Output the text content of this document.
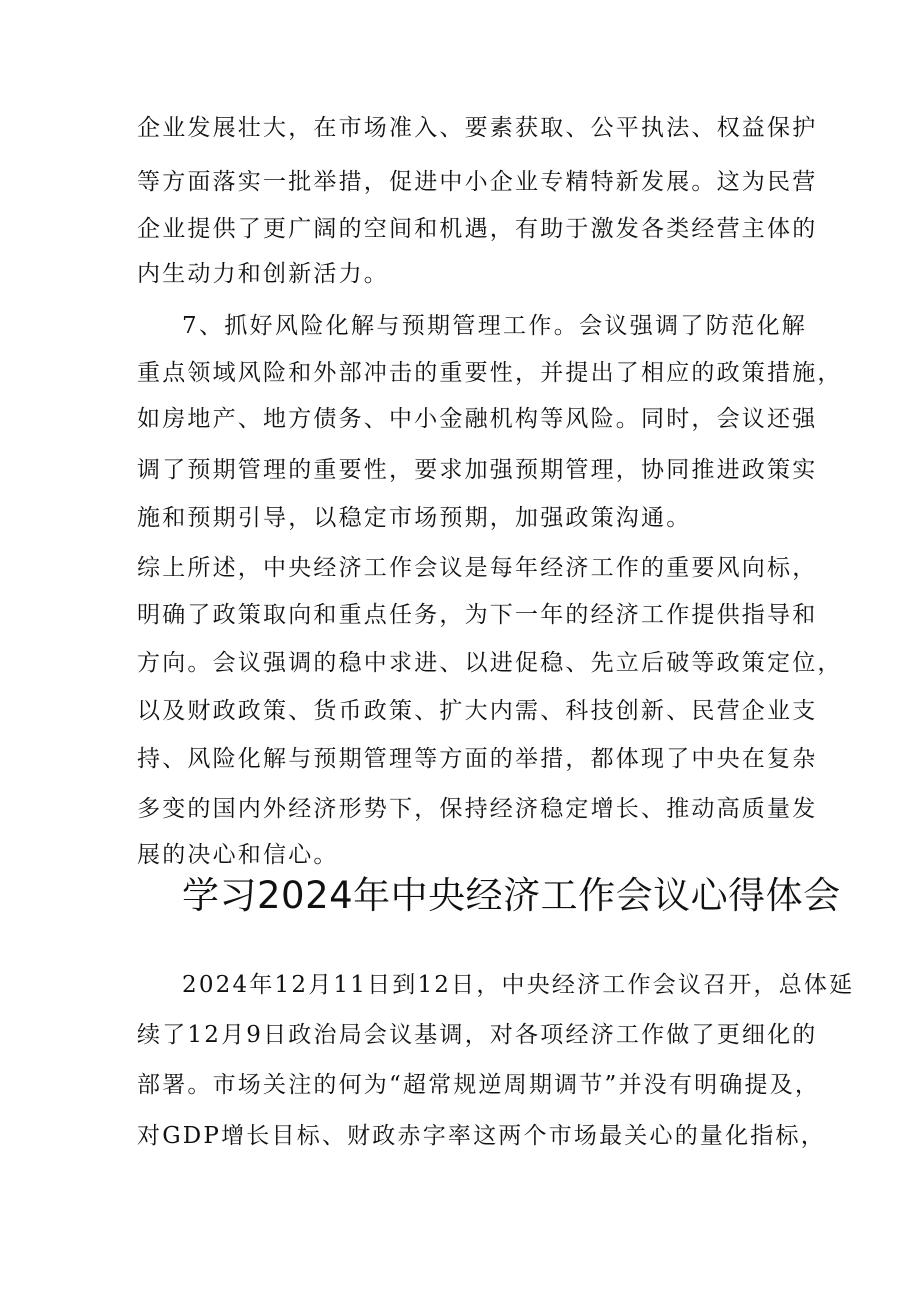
企业发展壮大，在市场准入、要素获取、公平执法、权益保护
等方面落实一批举措，促进中小企业专精特新发展。这为民营
企业提供了更广阔的空间和机遇，有助于激发各类经营主体的
内生动力和创新活力。
7、抓好风险化解与预期管理工作。会议强调了防范化解
重点领域风险和外部冲击的重要性，并提出了相应的政策措施，
如房地产、地方债务、中小金融机构等风险。同时，会议还强
调了预期管理的重要性，要求加强预期管理，协同推进政策实
施和预期引导，以稳定市场预期，加强政策沟通。
综上所述，中央经济工作会议是每年经济工作的重要风向标，
明确了政策取向和重点任务，为下一年的经济工作提供指导和
方向。会议强调的稳中求进、以进促稳、先立后破等政策定位，
以及财政政策、货币政策、扩大内需、科技创新、民营企业支
持、风险化解与预期管理等方面的举措，都体现了中央在复杂
多变的国内外经济形势下，保持经济稳定增长、推动高质量发
展的决心和信心。
学习2024年中央经济工作会议心得体会
2024年12月11日到12日，中央经济工作会议召开，总体延
续了12月9日政治局会议基调，对各项经济工作做了更细化的
部署。市场关注的何为“超常规逆周期调节”并没有明确提及，
对GDP增长目标、财政赤字率这两个市场最关心的量化指标，
